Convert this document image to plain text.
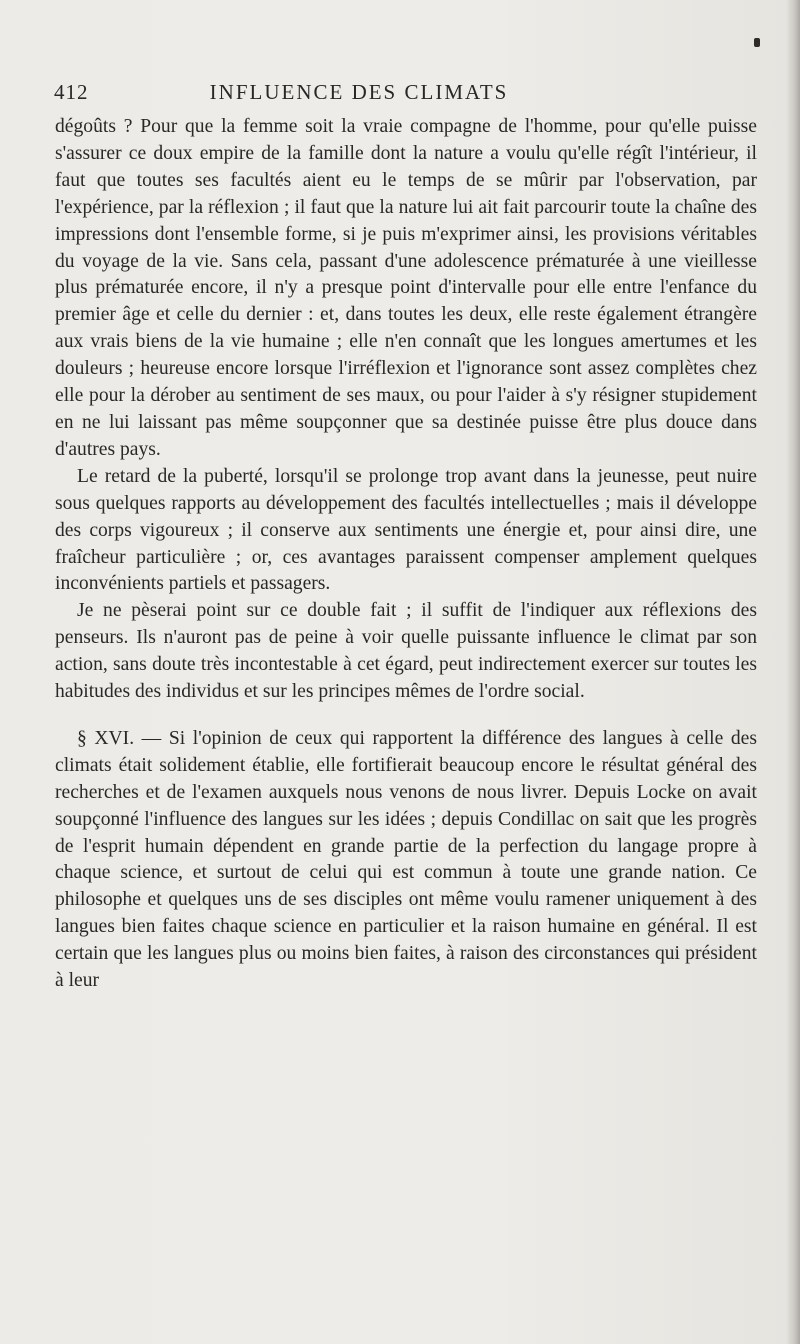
412	INFLUENCE DES CLIMATS

dégoûts ? Pour que la femme soit la vraie compagne de l'homme, pour qu'elle puisse s'assurer ce doux empire de la famille dont la nature a voulu qu'elle régît l'intérieur, il faut que toutes ses facultés aient eu le temps de se mûrir par l'observation, par l'expérience, par la réflexion ; il faut que la nature lui ait fait parcourir toute la chaîne des impressions dont l'ensemble forme, si je puis m'exprimer ainsi, les provisions véritables du voyage de la vie. Sans cela, passant d'une adolescence prématurée à une vieillesse plus prématurée encore, il n'y a presque point d'intervalle pour elle entre l'enfance du premier âge et celle du dernier : et, dans toutes les deux, elle reste également étrangère aux vrais biens de la vie humaine ; elle n'en connaît que les longues amertumes et les douleurs ; heureuse encore lorsque l'irréflexion et l'ignorance sont assez complètes chez elle pour la dérober au sentiment de ses maux, ou pour l'aider à s'y résigner stupidement en ne lui laissant pas même soupçonner que sa destinée puisse être plus douce dans d'autres pays.

Le retard de la puberté, lorsqu'il se prolonge trop avant dans la jeunesse, peut nuire sous quelques rapports au développement des facultés intellectuelles ; mais il développe des corps vigoureux ; il conserve aux sentiments une énergie et, pour ainsi dire, une fraîcheur particulière ; or, ces avantages paraissent compenser amplement quelques inconvénients partiels et passagers.

Je ne pèserai point sur ce double fait ; il suffit de l'indiquer aux réflexions des penseurs. Ils n'auront pas de peine à voir quelle puissante influence le climat par son action, sans doute très incontestable à cet égard, peut indirectement exercer sur toutes les habitudes des individus et sur les principes mêmes de l'ordre social.

§ XVI. — Si l'opinion de ceux qui rapportent la différence des langues à celle des climats était solidement établie, elle fortifierait beaucoup encore le résultat général des recherches et de l'examen auxquels nous venons de nous livrer. Depuis Locke on avait soupçonné l'influence des langues sur les idées ; depuis Condillac on sait que les progrès de l'esprit humain dépendent en grande partie de la perfection du langage propre à chaque science, et surtout de celui qui est commun à toute une grande nation. Ce philosophe et quelques uns de ses disciples ont même voulu ramener uniquement à des langues bien faites chaque science en particulier et la raison humaine en général. Il est certain que les langues plus ou moins bien faites, à raison des circonstances qui président à leur
